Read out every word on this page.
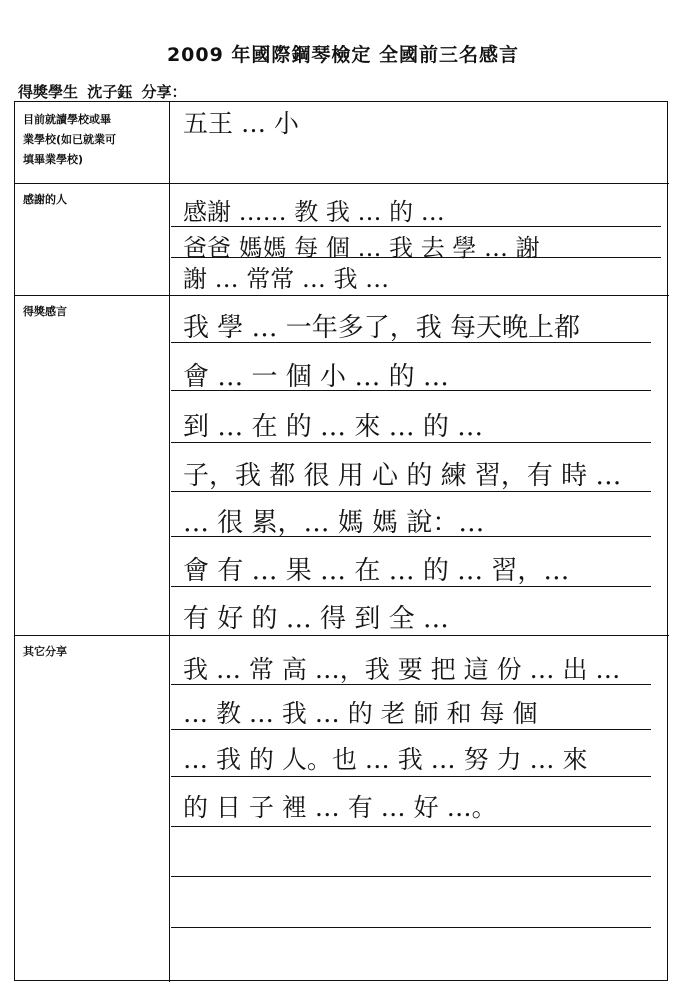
2009 年國際鋼琴檢定 全國前三名感言
得獎學生 沈子鈺 分享：
目前就讀學校或畢
業學校(如已就業可
填畢業學校)
五王 … 小
感謝的人	感謝 …… 教 我 … 的 …
爸爸 媽媽 每 個 … 我 去 學 … 謝
謝 … 常常 … 我 …
得獎感言
我 學 … 一年多了，我 每天晚上都
會 … 一 個 小 … 的 …
到 … 在 的 … 來 … 的 …
子，我 都 很 用 心 的 練 習，有 時 …
… 很 累，… 媽 媽 說：…
會 有 … 果 … 在 … 的 … 習，…
有 好 的 … 得 到 全 …
其它分享
我 … 常 高 …，我 要 把 這 份 … 出 …
… 教 … 我 … 的 老 師 和 每 個
… 我 的 人。也 … 我 … 努 力 … 來
的 日 子 裡 … 有 … 好 …。
